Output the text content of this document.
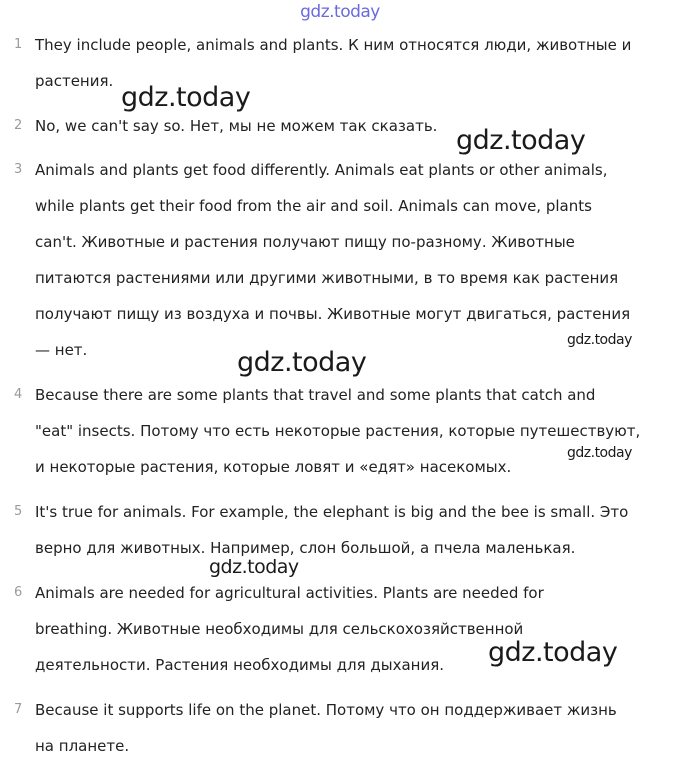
gdz.today
1 They include people, animals and plants. К ним относятся люди, животные и
растения.
2 No, we can't say so. Нет, мы не можем так сказать.
3 Animals and plants get food differently. Animals eat plants or other animals,
while plants get their food from the air and soil. Animals can move, plants
can't. Животные и растения получают пищу по-разному. Животные
питаются растениями или другими животными, в то время как растения
получают пищу из воздуха и почвы. Животные могут двигаться, растения
— нет.
4 Because there are some plants that travel and some plants that catch and
"eat" insects. Потому что есть некоторые растения, которые путешествуют,
и некоторые растения, которые ловят и «едят» насекомых.
5 It's true for animals. For example, the elephant is big and the bee is small. Это
верно для животных. Например, слон большой, а пчела маленькая.
6 Animals are needed for agricultural activities. Plants are needed for
breathing. Животные необходимы для сельскохозяйственной
деятельности. Растения необходимы для дыхания.
7 Because it supports life on the planet. Потому что он поддерживает жизнь
на планете.
gdz.today
gdz.today
gdz.today
gdz.today
gdz.today
gdz.today
gdz.today
